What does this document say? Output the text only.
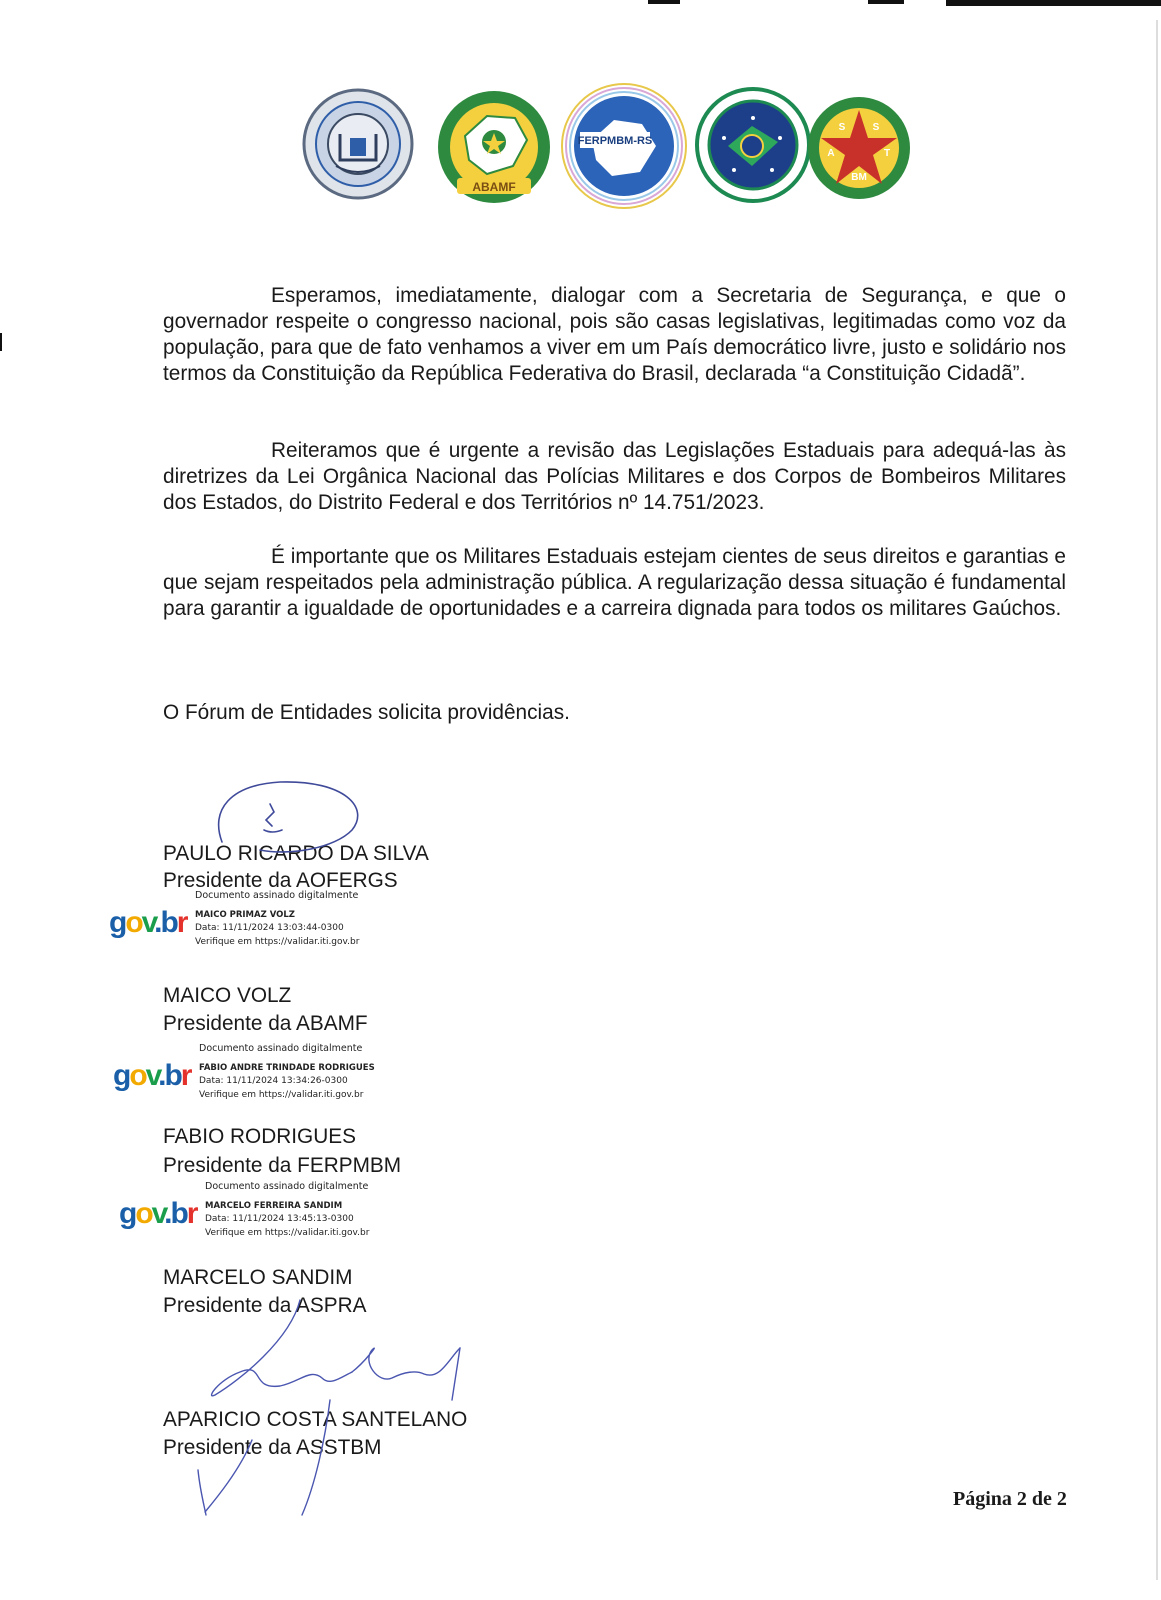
ABAMF
FERPMBM-RS
S	S
A	T
BM

Esperamos, imediatamente, dialogar com a Secretaria de Segurança, e que o governador respeite o congresso nacional, pois são casas legislativas, legitimadas como voz da população, para que de fato venhamos a viver em um País democrático livre, justo e solidário nos termos da Constituição da República Federativa do Brasil, declarada “a Constituição Cidadã”.

Reiteramos que é urgente a revisão das Legislações Estaduais para adequá-las às diretrizes da Lei Orgânica Nacional das Polícias Militares e dos Corpos de Bombeiros Militares dos Estados, do Distrito Federal e dos Territórios nº 14.751/2023.

É importante que os Militares Estaduais estejam cientes de seus direitos e garantias e que sejam respeitados pela administração pública. A regularização dessa situação é fundamental para garantir a igualdade de oportunidades e a carreira dignada para todos os militares Gaúchos.

O Fórum de Entidades solicita providências.

PAULO RICARDO DA SILVA

Presidente da AOFERGS

gov.br
Documento assinado digitalmente
MAICO PRIMAZ VOLZ
Data: 11/11/2024 13:03:44-0300
Verifique em https://validar.iti.gov.br

MAICO VOLZ

Presidente da ABAMF

gov.br
Documento assinado digitalmente
FABIO ANDRE TRINDADE RODRIGUES
Data: 11/11/2024 13:34:26-0300
Verifique em https://validar.iti.gov.br

FABIO RODRIGUES

Presidente da FERPMBM

gov.br
Documento assinado digitalmente
MARCELO FERREIRA SANDIM
Data: 11/11/2024 13:45:13-0300
Verifique em https://validar.iti.gov.br

MARCELO SANDIM

Presidente da ASPRA

APARICIO COSTA SANTELANO

Presidente da ASSTBM

Página 2 de 2
